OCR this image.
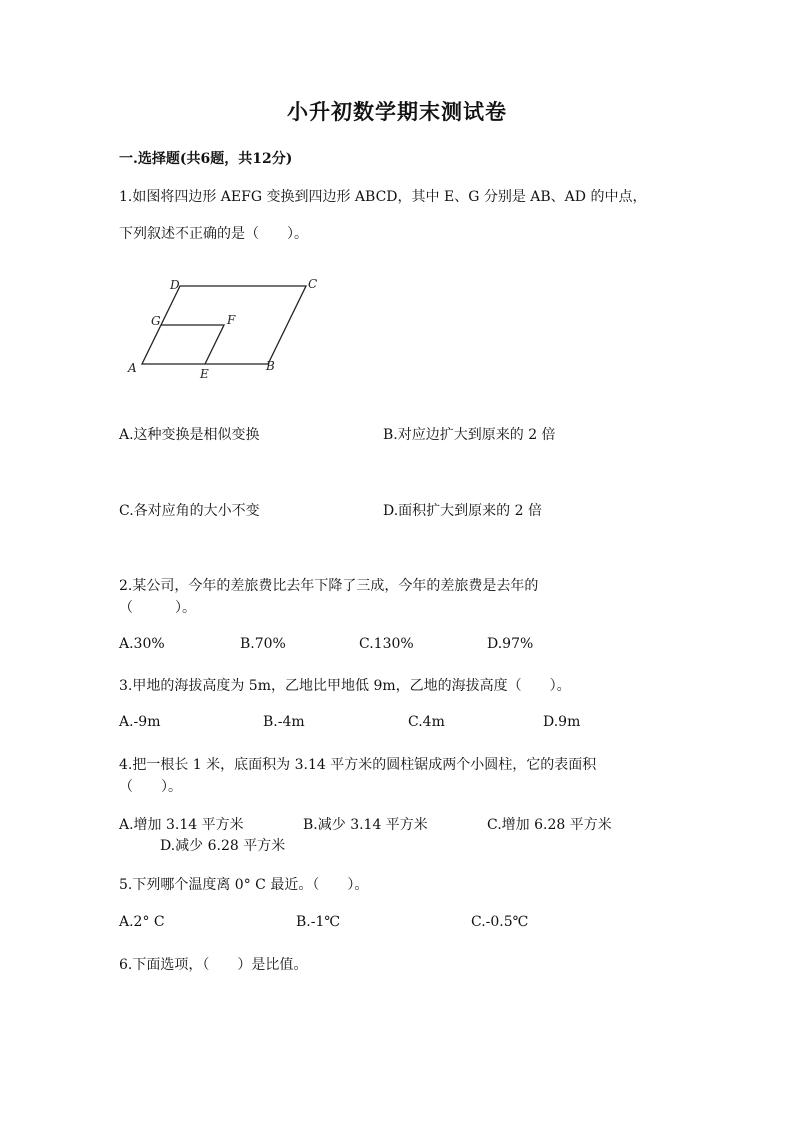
小升初数学期末测试卷
一.选择题(共6题，共12分)
1.如图将四边形 AEFG 变换到四边形 ABCD，其中 E、G 分别是 AB、AD 的中点，
下列叙述不正确的是（　　）。
A	B
C
D
E
F
G
A.这种变换是相似变换	B.对应边扩大到原来的 2 倍
C.各对应角的大小不变	D.面积扩大到原来的 2 倍
2.某公司，今年的差旅费比去年下降了三成，今年的差旅费是去年的
（　　　）。
A.30%	B.70%	C.130%	D.97%
3.甲地的海拔高度为 5m，乙地比甲地低 9m，乙地的海拔高度（　　）。
A.-9m	B.-4m	C.4m	D.9m
4.把一根长 1 米，底面积为 3.14 平方米的圆柱锯成两个小圆柱，它的表面积
（　　）。
A.增加 3.14 平方米	B.减少 3.14 平方米	C.增加 6.28 平方米
D.减少 6.28 平方米
5.下列哪个温度离 0° C 最近。（　　）。
A.2° C	B.-1℃	C.-0.5℃
6.下面选项，（　　）是比值。
